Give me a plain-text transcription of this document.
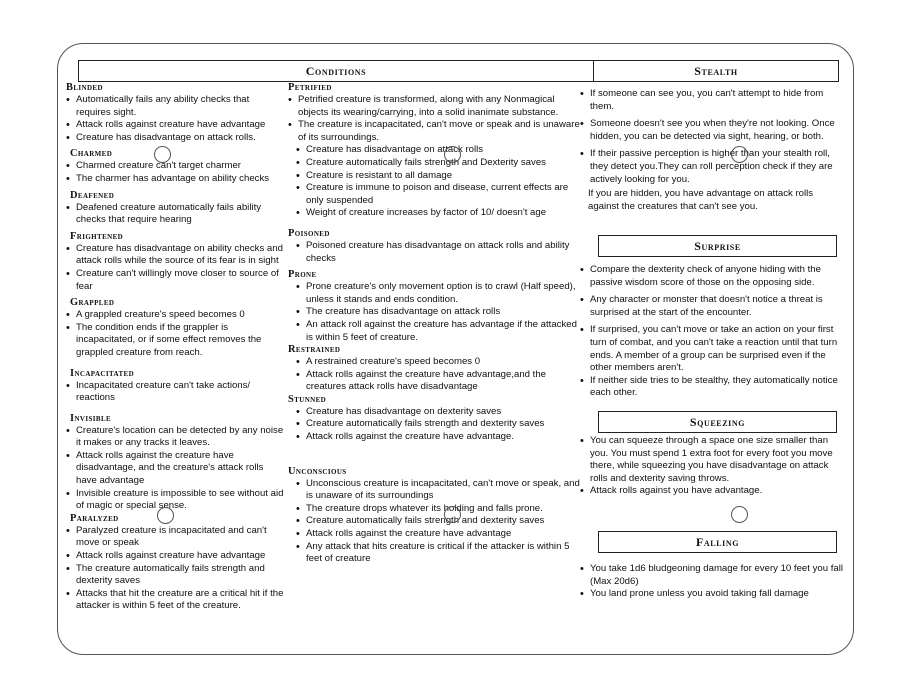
Conditions	Stealth
Surprise
Squeezing
Falling
Blinded
• Automatically fails any ability checks that requires sight.
• Attack rolls against creature have advantage
• Creature has disadvantage on attack rolls.
Charmed
• Charmed creature can't target charmer
• The charmer has advantage on ability checks
Deafened
• Deafened creature automatically fails ability checks that require hearing
Frightened
• Creature has disadvantage on ability checks and attack rolls while the source of its fear is in sight
• Creature can't willingly move closer to source of fear
Grappled
• A grappled creature's speed becomes 0
• The condition ends if the grappler is incapacitated, or if some effect removes the grappled creature from reach.
Incapacitated
• Incapacitated creature can't take actions/ reactions
Invisible
• Creature's location can be detected by any noise it makes or any tracks it leaves.
• Attack rolls against the creature have disadvantage, and the creature's attack rolls have advantage
• Invisible creature is impossible to see without aid of magic or special sense.
Paralyzed
• Paralyzed creature is incapacitated and can't move or speak
• Attack rolls against creature have advantage
• The creature automatically fails strength and dexterity saves
• Attacks that hit the creature are a critical hit if the attacker is within 5 feet of the creature.
Petrified
• Petrified creature is transformed, along with any Nonmagical objects its wearing/carrying, into a solid inanimate substance.
• The creature is incapacitated, can't move or speak and is unaware of its surroundings.
• Creature has disadvantage on attack rolls
• Creature automatically fails strength and Dexterity saves
• Creature is resistant to all damage
• Creature is immune to poison and disease, current effects are only suspended
• Weight of creature increases by factor of 10/ doesn't age
Poisoned
• Poisoned creature has disadvantage on attack rolls and ability checks
Prone
• Prone creature's only movement option is to crawl (Half speed), unless it stands and ends condition.
• The creature has disadvantage on attack rolls
• An attack roll against the creature has advantage if the attacked is within 5 feet of creature.
Restrained
• A restrained creature's speed becomes 0
• Attack rolls against the creature have advantage,and the creatures attack rolls have disadvantage
Stunned
• Creature has disadvantage on dexterity saves
• Creature automatically fails strength and dexterity saves
• Attack rolls against the creature have advantage.
Unconscious
• Unconscious creature is incapacitated, can't move or speak, and is unaware of its surroundings
• The creature drops whatever its holding and falls prone.
• Creature automatically fails strength and dexterity saves
• Attack rolls against the creature have advantage
• Any attack that hits creature is critical if the attacker is within 5 feet of creature
• If someone can see you, you can't attempt to hide from them.
• Someone doesn't see you when they're not looking. Once hidden, you can be detected via sight, hearing, or both.
• If their passive perception is higher than your stealth roll, they detect you.They can roll perception check if they are actively looking for you.
If you are hidden, you have advantage on attack rolls against the creatures that can't see you.
• Compare the dexterity check of anyone hiding with the passive wisdom score of those on the opposing side.
• Any character or monster that doesn't notice a threat is surprised at the start of the encounter.
• If surprised, you can't move or take an action on your first turn of combat, and you can't take a reaction until that turn ends. A member of a group can be surprised even if the other members aren't.
• If neither side tries to be stealthy, they automatically notice each other.
• You can squeeze through a space one size smaller than you. You must spend 1 extra foot for every foot you move there, while squeezing you have disadvantage on attack rolls and dexterity saving throws.
• Attack rolls against you have advantage.
• You take 1d6 bludgeoning damage for every 10 feet you fall (Max 20d6)
• You land prone unless you avoid taking fall damage
